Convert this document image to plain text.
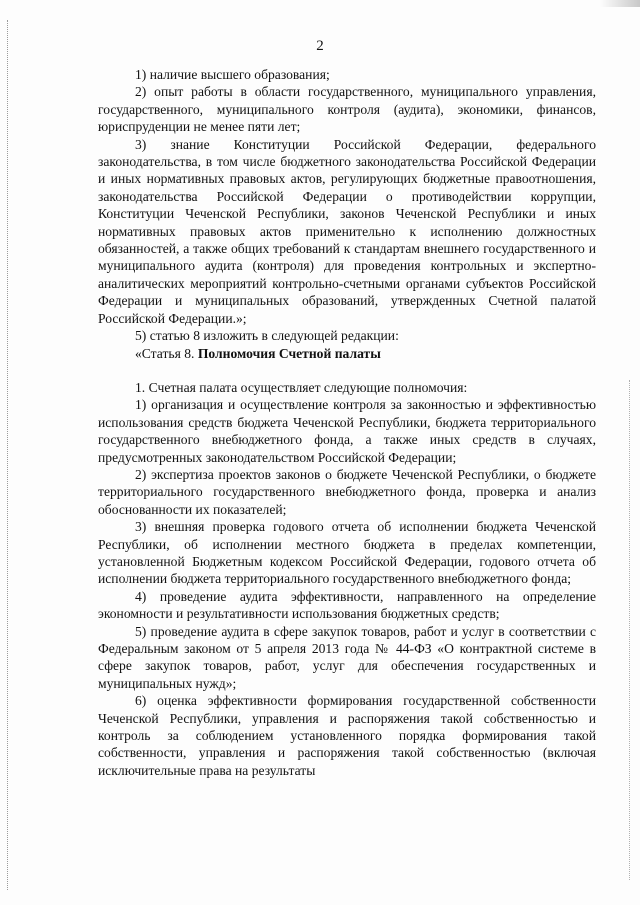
2

1) наличие высшего образования;

2) опыт работы в области государственного, муниципального управления, государственного, муниципального контроля (аудита), экономики, финансов, юриспруденции не менее пяти лет;

3) знание Конституции Российской Федерации, федерального законодательства, в том числе бюджетного законодательства Российской Федерации и иных нормативных правовых актов, регулирующих бюджетные правоотношения, законодательства Российской Федерации о противодействии коррупции, Конституции Чеченской Республики, законов Чеченской Республики и иных нормативных правовых актов применительно к исполнению должностных обязанностей, а также общих требований к стандартам внешнего государственного и муниципального аудита (контроля) для проведения контрольных и экспертно-аналитических мероприятий контрольно-счетными органами субъектов Российской Федерации и муниципальных образований, утвержденных Счетной палатой Российской Федерации.»;

5) статью 8 изложить в следующей редакции:

«Статья 8. Полномочия Счетной палаты

1. Счетная палата осуществляет следующие полномочия:

1) организация и осуществление контроля за законностью и эффективностью использования средств бюджета Чеченской Республики, бюджета территориального государственного внебюджетного фонда, а также иных средств в случаях, предусмотренных законодательством Российской Федерации;

2) экспертиза проектов законов о бюджете Чеченской Республики, о бюджете территориального государственного внебюджетного фонда, проверка и анализ обоснованности их показателей;

3) внешняя проверка годового отчета об исполнении бюджета Чеченской Республики, об исполнении местного бюджета в пределах компетенции, установленной Бюджетным кодексом Российской Федерации, годового отчета об исполнении бюджета территориального государственного внебюджетного фонда;

4) проведение аудита эффективности, направленного на определение экономности и результативности использования бюджетных средств;

5) проведение аудита в сфере закупок товаров, работ и услуг в соответствии с Федеральным законом от 5 апреля 2013 года № 44-ФЗ «О контрактной системе в сфере закупок товаров, работ, услуг для обеспечения государственных и муниципальных нужд»;

6) оценка эффективности формирования государственной собственности Чеченской Республики, управления и распоряжения такой собственностью и контроль за соблюдением установленного порядка формирования такой собственности, управления и распоряжения такой собственностью (включая исключительные права на результаты
